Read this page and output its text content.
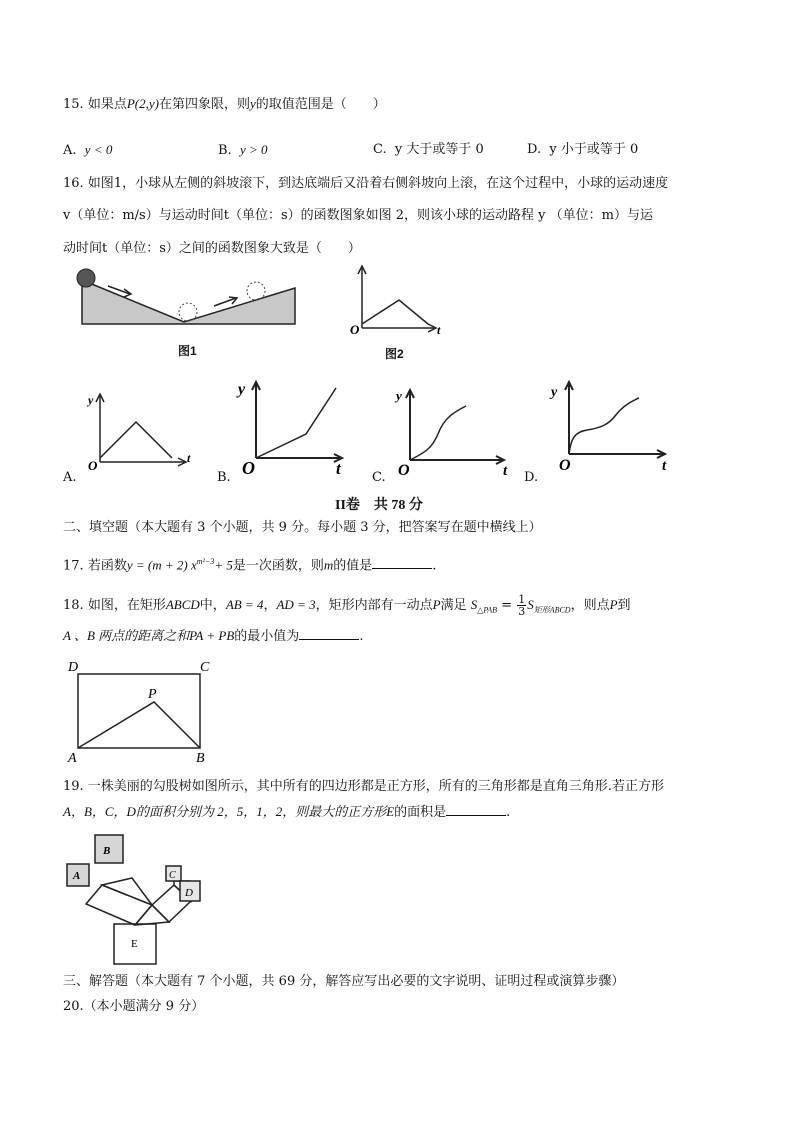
15. 如果点P(2,y)在第四象限，则y的取值范围是（　　）
A. y < 0	B. y > 0	C. y 大于或等于 0	D. y 小于或等于 0
16. 如图1，小球从左侧的斜坡滚下，到达底端后又沿着右侧斜坡向上滚，在这个过程中，小球的运动速度
v（单位：m/s）与运动时间t（单位：s）的函数图象如图 2，则该小球的运动路程 y （单位：m）与运
动时间t（单位：s）之间的函数图象大致是（　　）
图1
O	t
图2
y
O	t
A.
y
O	t
B.
y
O	t
C.
y
O	t
D.
II卷　共 78 分
二、填空题（本大题有 3 个小题，共 9 分。每小题 3 分，把答案写在题中横线上）
17. 若函数y = (m + 2) $x^{m^2-3}+ 5$是一次函数，则m的值是	.
18. 如图，在矩形ABCD中，AB = 4，AD = 3，矩形内部有一动点P满足 $S_{\triangle PAB} = \frac{1}{3} S_{矩形ABCD}$，则点P到
A 、B 两点的距离之和PA + PB的最小值为	.
D	C
P
A	B
19. 一株美丽的勾股树如图所示，其中所有的四边形都是正方形，所有的三角形都是直角三角形.若正方形
A，B，C，D的面积分别为 2，5，1，2，则最大的正方形E的面积是	.
B
A	C
D
E
三、解答题（本大题有 7 个小题，共 69 分，解答应写出必要的文字说明、证明过程或演算步骤）
20.（本小题满分 9 分）
